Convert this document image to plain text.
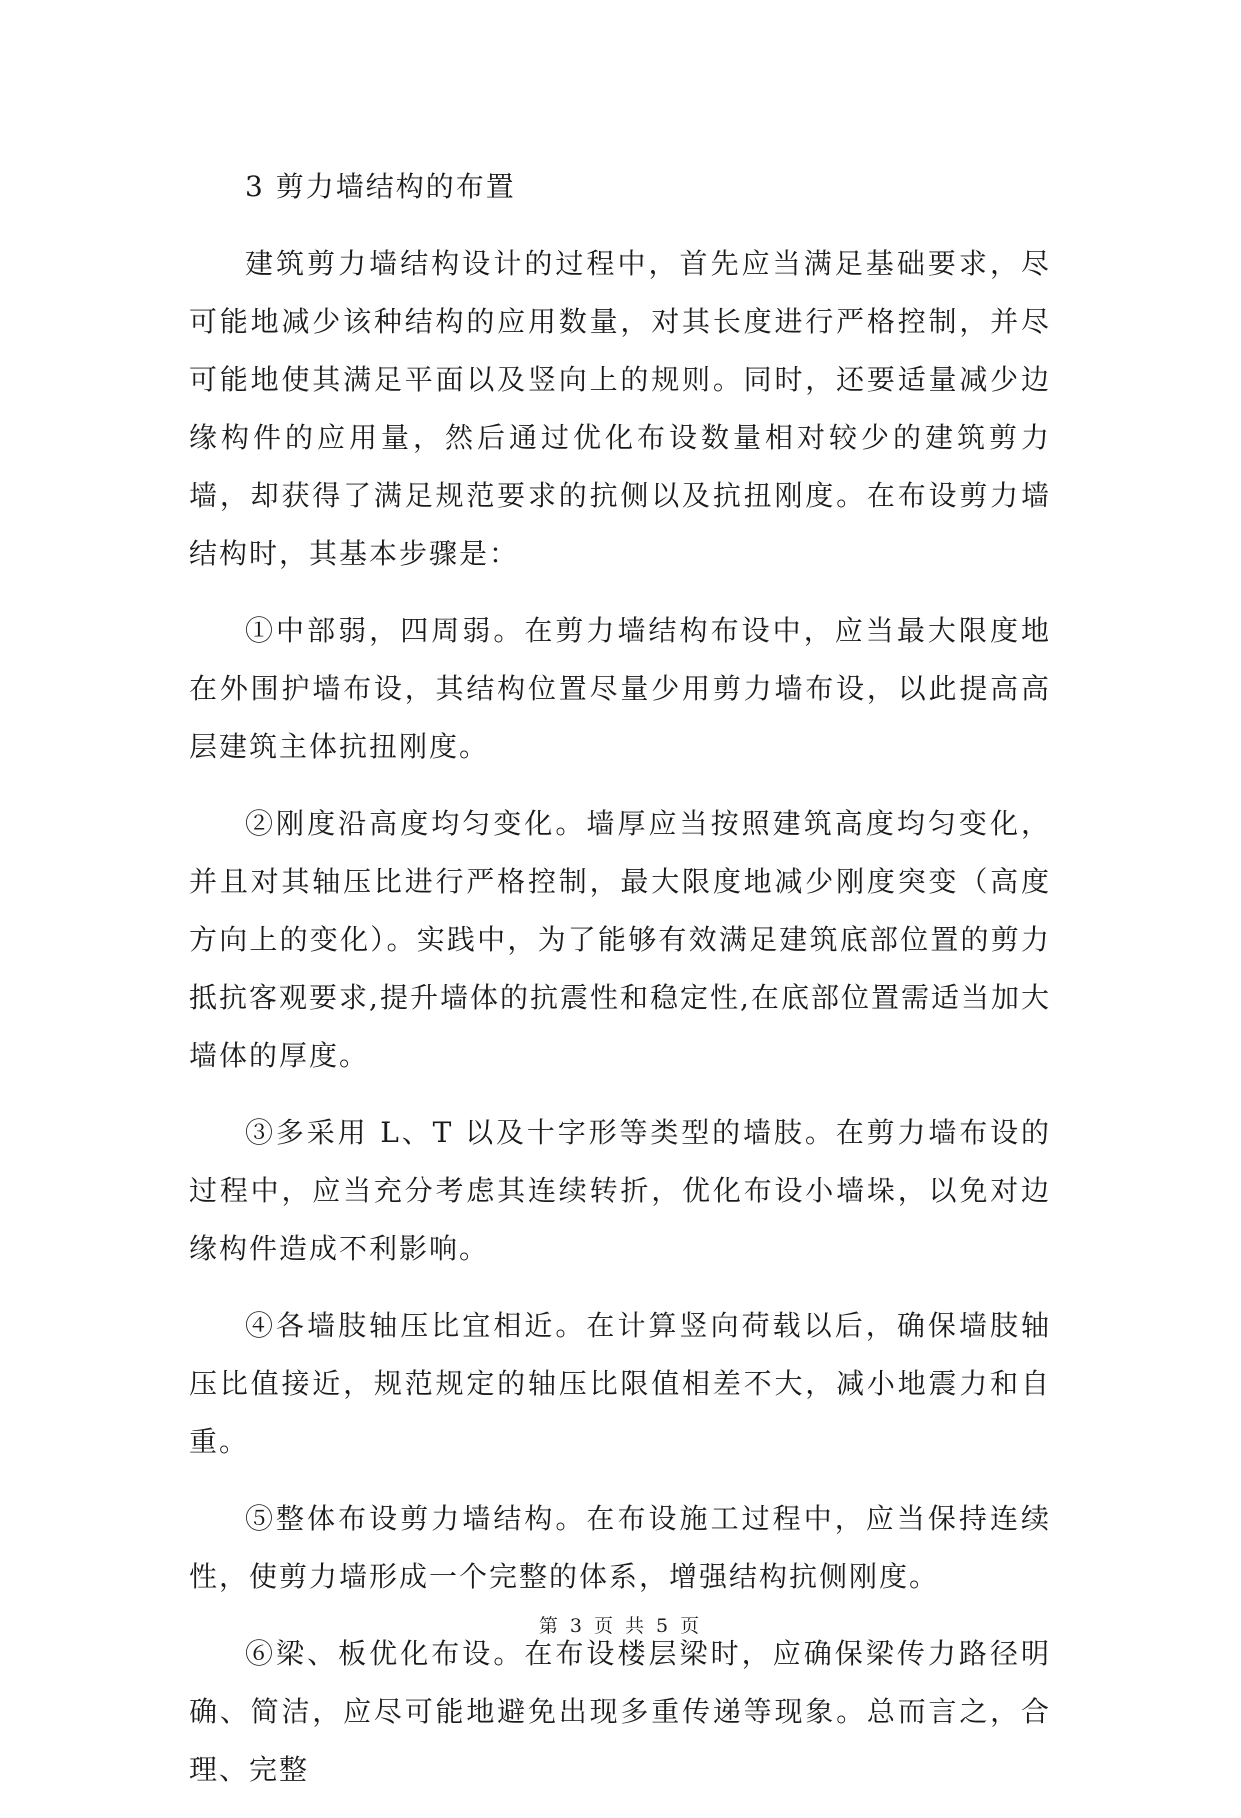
3 剪力墙结构的布置

建筑剪力墙结构设计的过程中，首先应当满足基础要求，尽可能地减少该种结构的应用数量，对其长度进行严格控制，并尽可能地使其满足平面以及竖向上的规则。同时，还要适量减少边缘构件的应用量，然后通过优化布设数量相对较少的建筑剪力墙，却获得了满足规范要求的抗侧以及抗扭刚度。在布设剪力墙结构时，其基本步骤是：

①中部弱，四周弱。在剪力墙结构布设中，应当最大限度地在外围护墙布设，其结构位置尽量少用剪力墙布设，以此提高高层建筑主体抗扭刚度。

②刚度沿高度均匀变化。墙厚应当按照建筑高度均匀变化，并且对其轴压比进行严格控制，最大限度地减少刚度突变（高度方向上的变化）。实践中，为了能够有效满足建筑底部位置的剪力抵抗客观要求,提升墙体的抗震性和稳定性,在底部位置需适当加大墙体的厚度。

③多采用 L、T 以及十字形等类型的墙肢。在剪力墙布设的过程中，应当充分考虑其连续转折，优化布设小墙垛，以免对边缘构件造成不利影响。

④各墙肢轴压比宜相近。在计算竖向荷载以后，确保墙肢轴压比值接近，规范规定的轴压比限值相差不大，减小地震力和自重。

⑤整体布设剪力墙结构。在布设施工过程中，应当保持连续性，使剪力墙形成一个完整的体系，增强结构抗侧刚度。

⑥梁、板优化布设。在布设楼层梁时，应确保梁传力路径明确、简洁，应尽可能地避免出现多重传递等现象。总而言之，合理、完整

第 3 页 共 5 页
